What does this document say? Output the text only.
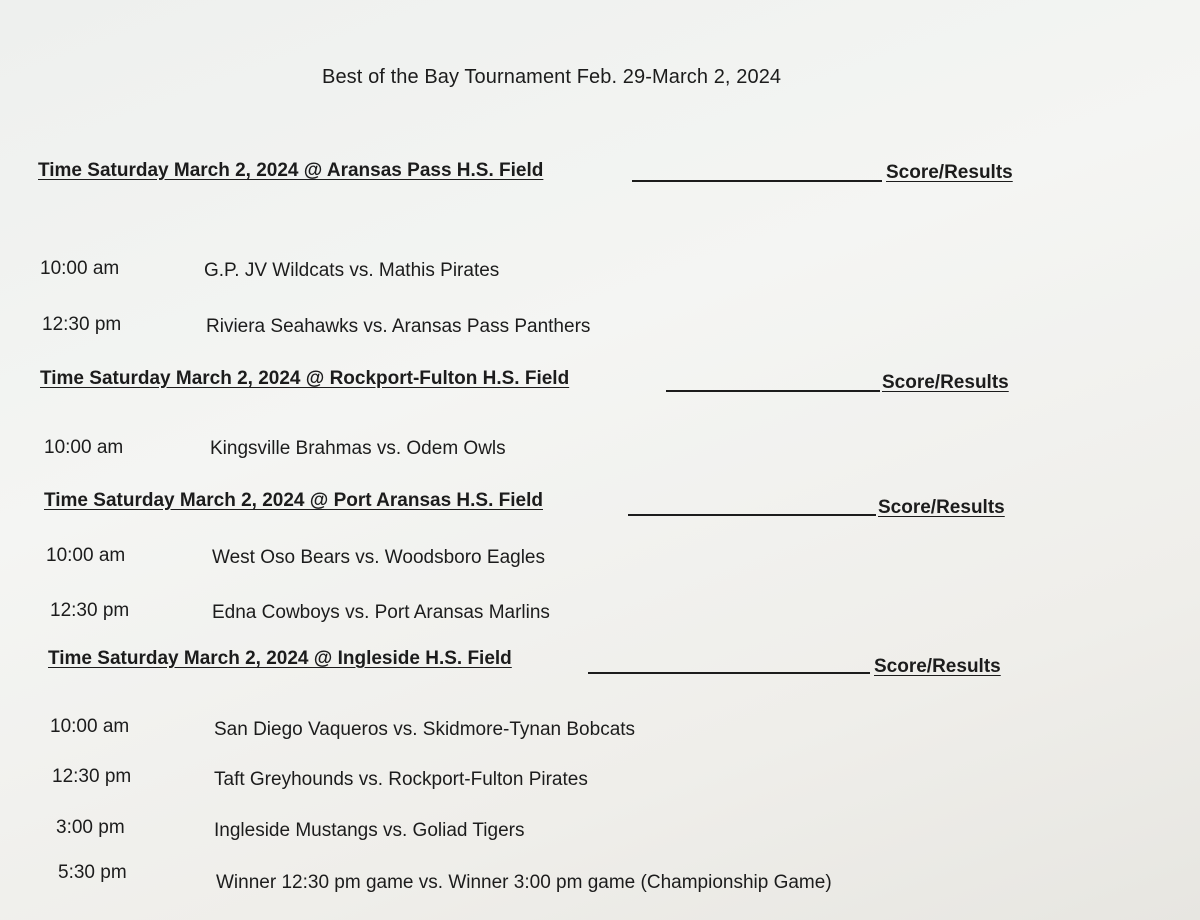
Best of the Bay Tournament Feb. 29-March 2, 2024
Time Saturday March 2, 2024 @ Aransas Pass H.S. Field	Score/Results
10:00 am	G.P. JV Wildcats vs. Mathis Pirates
12:30 pm	Riviera Seahawks vs. Aransas Pass Panthers
Time Saturday March 2, 2024 @ Rockport-Fulton H.S. Field	Score/Results
10:00 am	Kingsville Brahmas vs. Odem Owls
Time Saturday March 2, 2024 @ Port Aransas H.S. Field	Score/Results
10:00 am	West Oso Bears vs. Woodsboro Eagles
12:30 pm	Edna Cowboys vs. Port Aransas Marlins
Time Saturday March 2, 2024 @ Ingleside H.S. Field	Score/Results
10:00 am	San Diego Vaqueros vs. Skidmore-Tynan Bobcats
12:30 pm	Taft Greyhounds vs. Rockport-Fulton Pirates
3:00 pm	Ingleside Mustangs vs. Goliad Tigers
5:30 pm	Winner 12:30 pm game vs. Winner 3:00 pm game (Championship Game)
